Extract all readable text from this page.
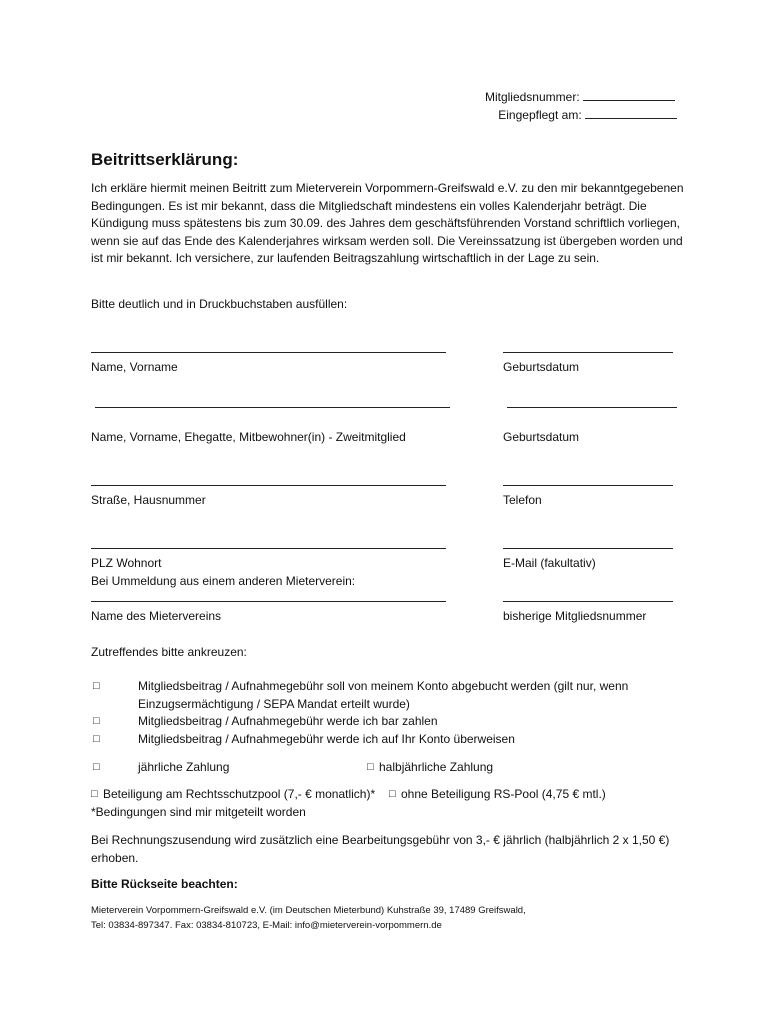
Mitgliedsnummer:
Eingepflegt am:
Beitrittserklärung:
Ich erkläre hiermit meinen Beitritt zum Mieterverein Vorpommern-Greifswald e.V. zu den mir bekanntgegebenen Bedingungen. Es ist mir bekannt, dass die Mitgliedschaft mindestens ein volles Kalenderjahr beträgt. Die Kündigung muss spätestens bis zum 30.09. des Jahres dem geschäftsführenden Vorstand schriftlich vorliegen, wenn sie auf das Ende des Kalenderjahres wirksam werden soll. Die Vereinssatzung ist übergeben worden und ist mir bekannt. Ich versichere, zur laufenden Beitragszahlung wirtschaftlich in der Lage zu sein.
Bitte deutlich und in Druckbuchstaben ausfüllen:
Name, Vorname	Geburtsdatum
Name, Vorname, Ehegatte, Mitbewohner(in) - Zweitmitglied	Geburtsdatum
Straße, Hausnummer	Telefon
PLZ Wohnort	E-Mail (fakultativ)
Bei Ummeldung aus einem anderen Mieterverein:
Name des Mietervereins	bisherige Mitgliedsnummer
Zutreffendes bitte ankreuzen:
□	Mitgliedsbeitrag / Aufnahmegebühr soll von meinem Konto abgebucht werden (gilt nur, wenn
Einzugsermächtigung / SEPA Mandat erteilt wurde)
□	Mitgliedsbeitrag / Aufnahmegebühr werde ich bar zahlen
□	Mitgliedsbeitrag / Aufnahmegebühr werde ich auf Ihr Konto überweisen
□	jährliche Zahlung	□ halbjährliche Zahlung
□ Beteiligung am Rechtsschutzpool (7,- € monatlich)* □ ohne Beteiligung RS-Pool (4,75 € mtl.)
*Bedingungen sind mir mitgeteilt worden
Bei Rechnungszusendung wird zusätzlich eine Bearbeitungsgebühr von 3,- € jährlich (halbjährlich 2 x 1,50 €) erhoben.
Bitte Rückseite beachten:
Mieterverein Vorpommern-Greifswald e.V. (im Deutschen Mieterbund) Kuhstraße 39, 17489 Greifswald,
Tel: 03834-897347. Fax: 03834-810723, E-Mail: info@mieterverein-vorpommern.de
